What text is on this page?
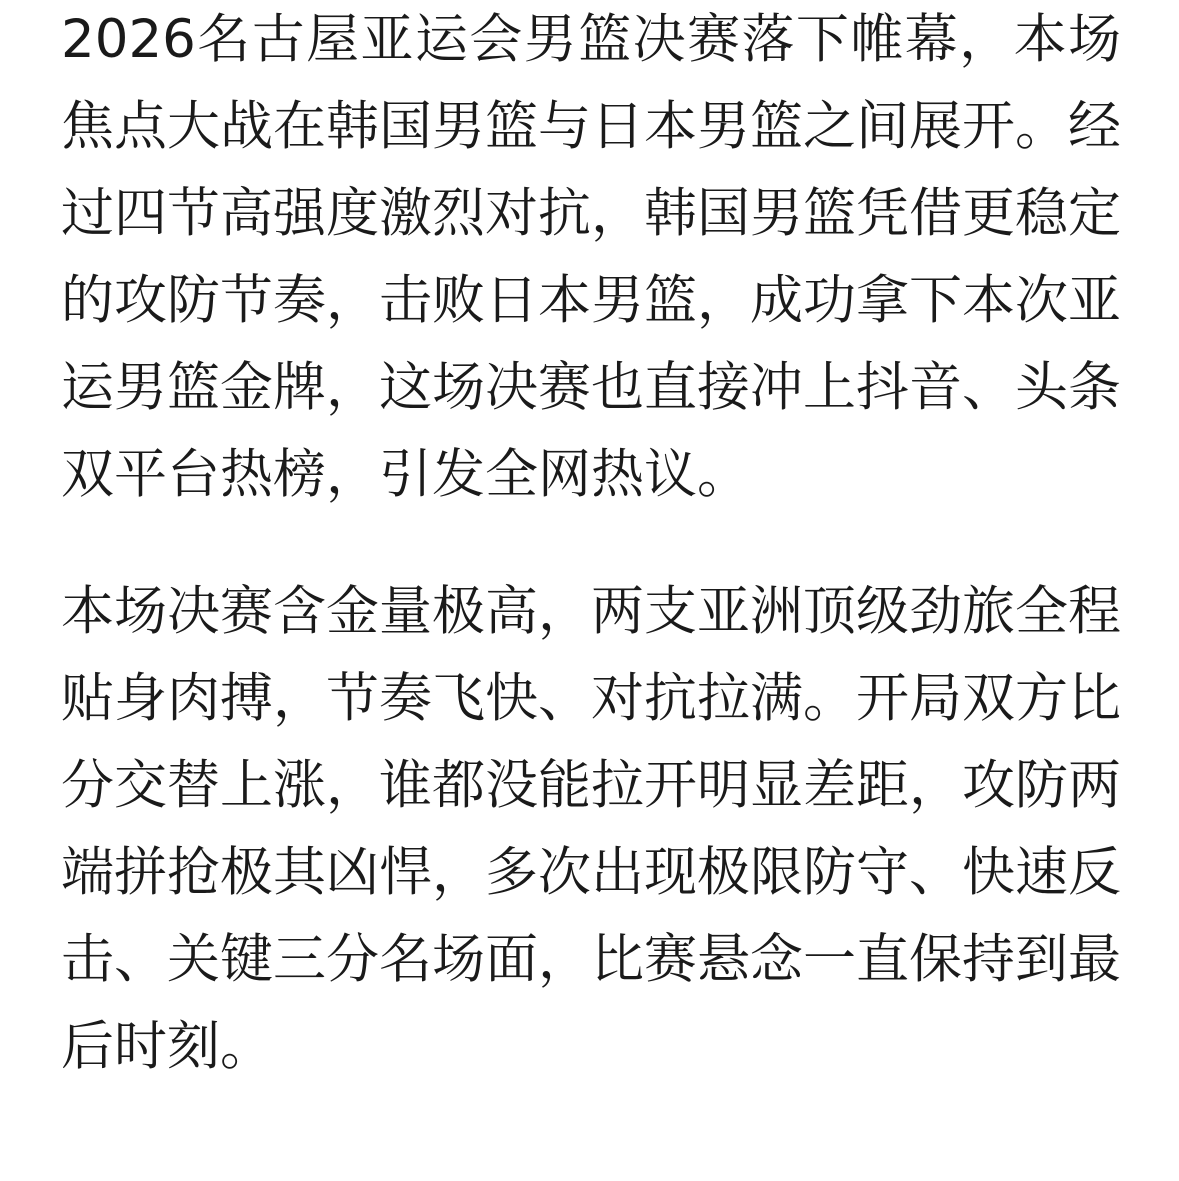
2026名古屋亚运会男篮决赛落下帷幕，本场焦点大战在韩国男篮与日本男篮之间展开。经过四节高强度激烈对抗，韩国男篮凭借更稳定的攻防节奏，击败日本男篮，成功拿下本次亚运男篮金牌，这场决赛也直接冲上抖音、头条双平台热榜，引发全网热议。

本场决赛含金量极高，两支亚洲顶级劲旅全程贴身肉搏，节奏飞快、对抗拉满。开局双方比分交替上涨，谁都没能拉开明显差距，攻防两端拼抢极其凶悍，多次出现极限防守、快速反击、关键三分名场面，比赛悬念一直保持到最后时刻。
